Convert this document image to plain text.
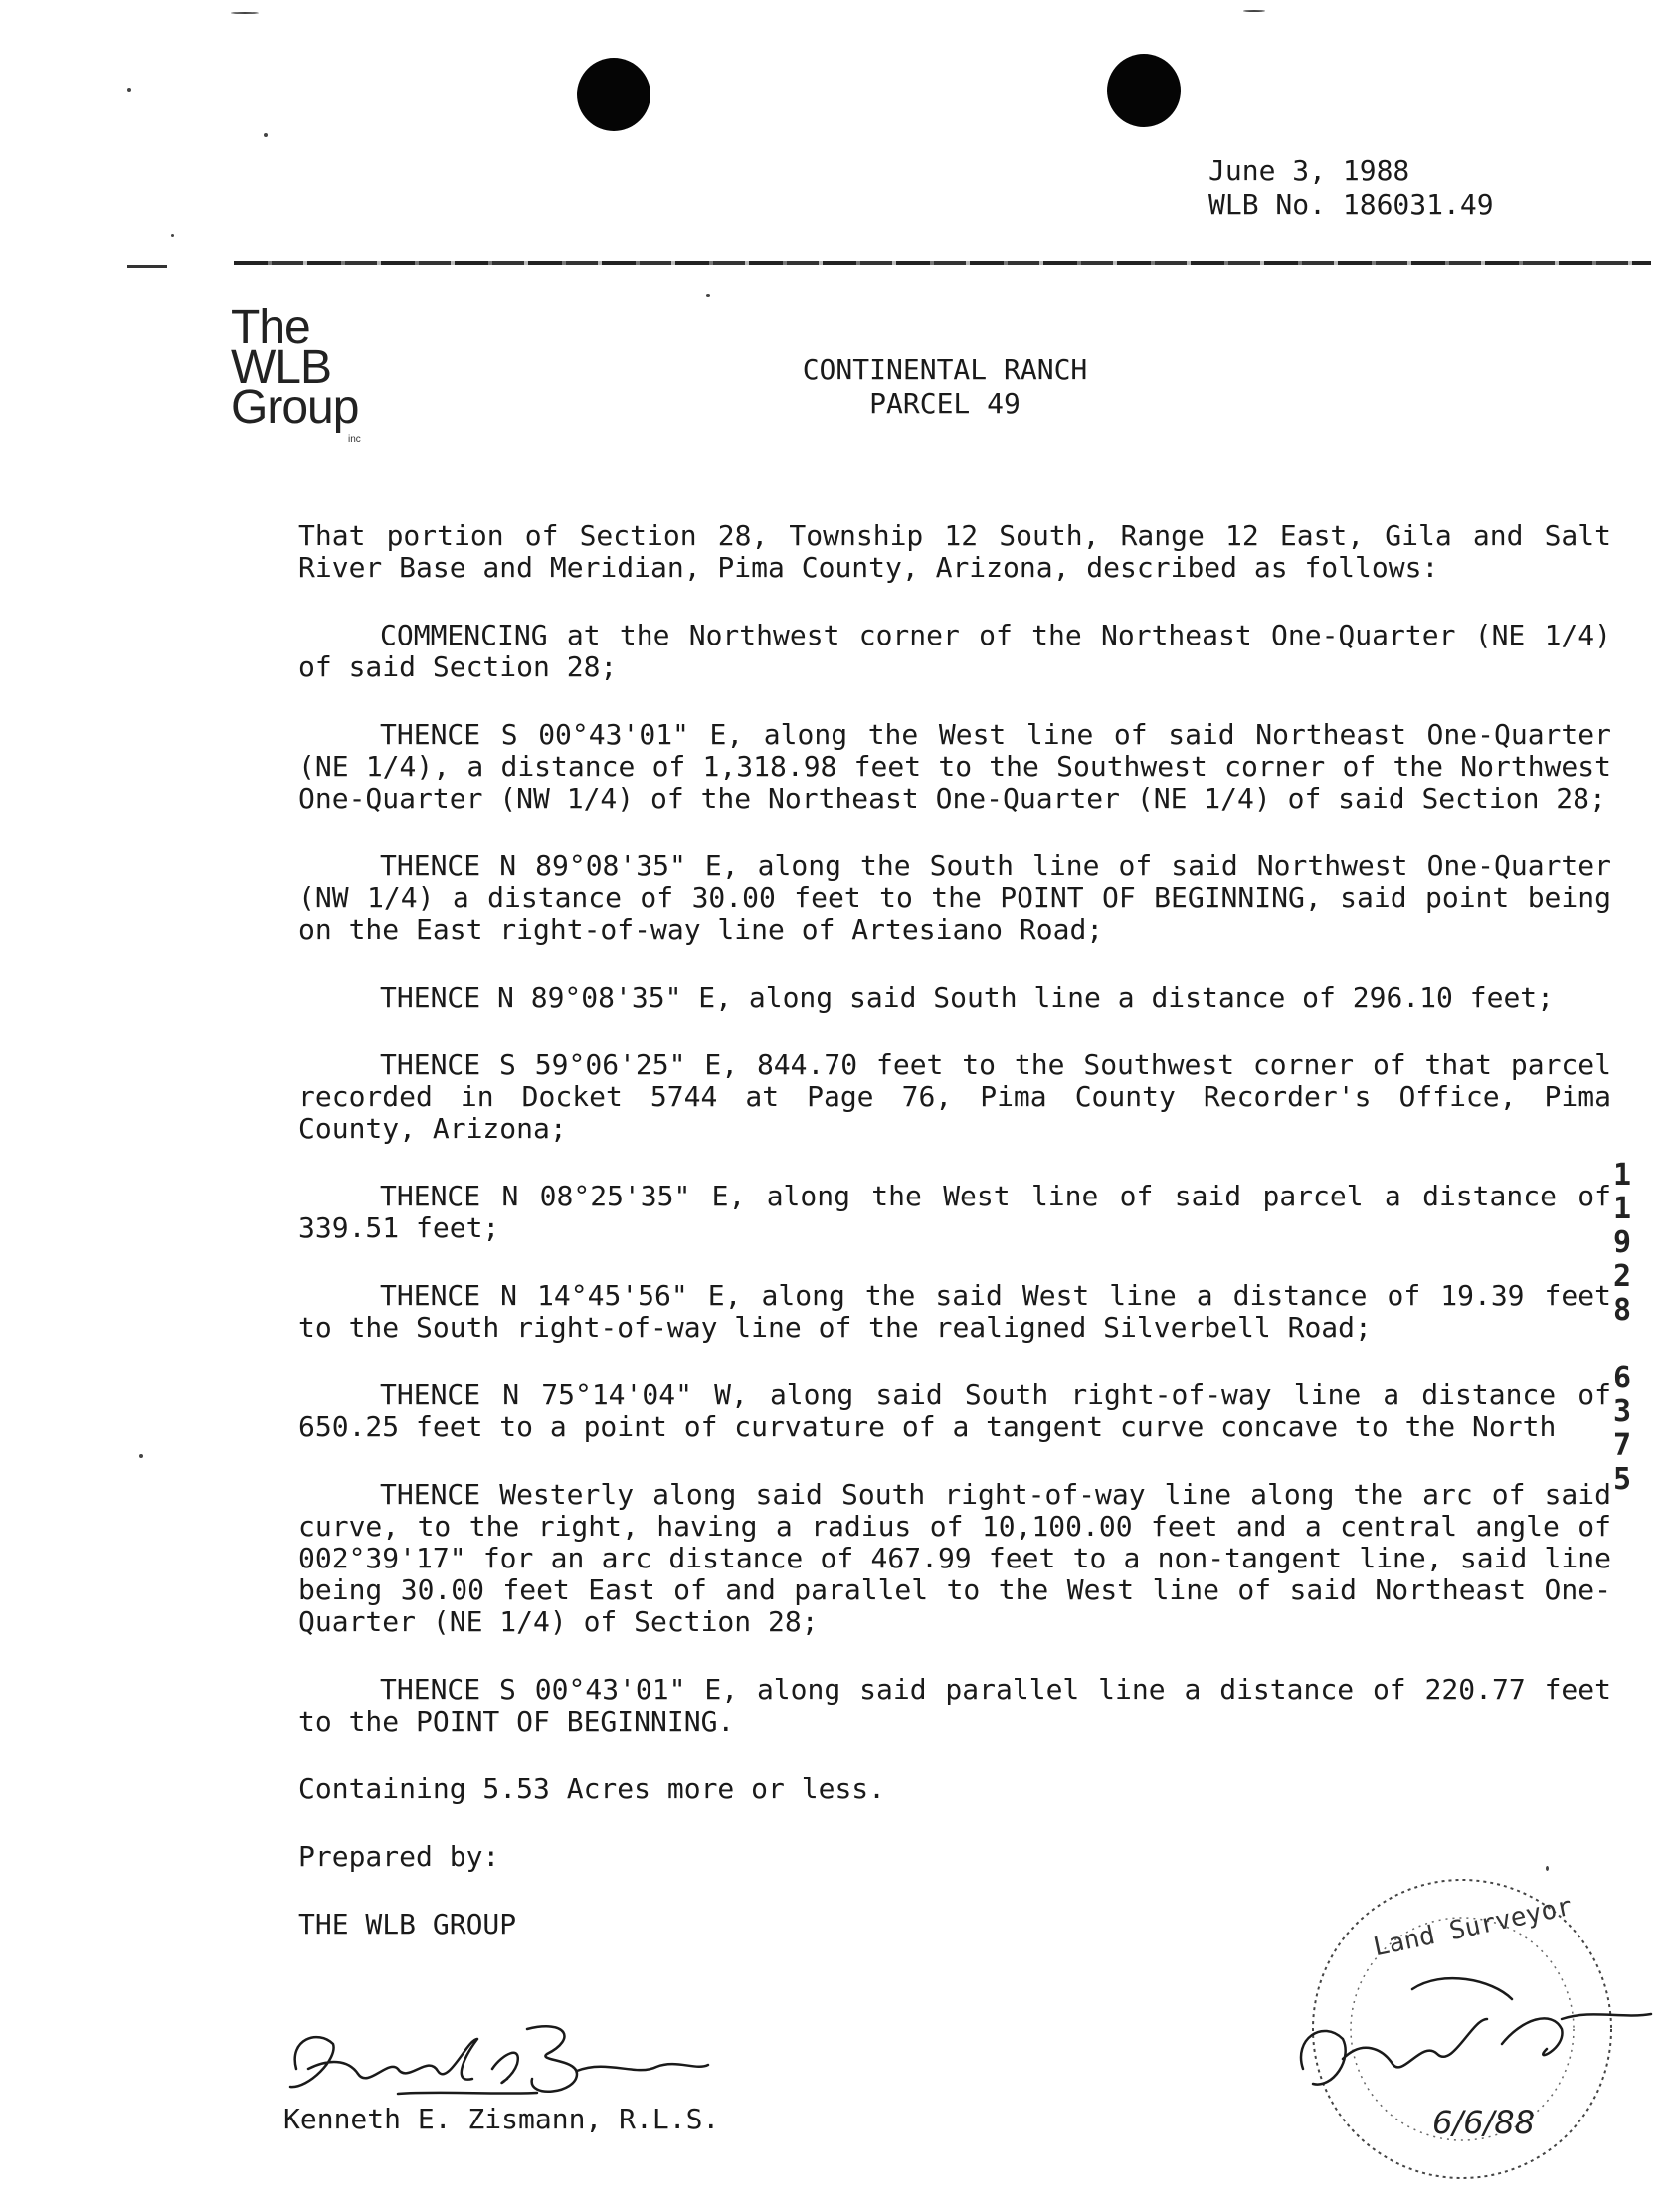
June 3, 1988
WLB No. 186031.49
The
WLB
Group
inc
CONTINENTAL RANCH
PARCEL 49

That portion of Section 28, Township 12 South, Range 12 East, Gila and Salt River Base and Meridian, Pima County, Arizona, described as follows:

COMMENCING at the Northwest corner of the Northeast One-Quarter (NE 1/4) of said Section 28;

THENCE S 00°43'01" E, along the West line of said Northeast One-Quarter (NE 1/4), a distance of 1,318.98 feet to the Southwest corner of the Northwest One-Quarter (NW 1/4) of the Northeast One-Quarter (NE 1/4) of said Section 28;

THENCE N 89°08'35" E, along the South line of said Northwest One-Quarter (NW 1/4) a distance of 30.00 feet to the POINT OF BEGINNING, said point being on the East right-of-way line of Artesiano Road;

THENCE N 89°08'35" E, along said South line a distance of 296.10 feet;

THENCE S 59°06'25" E, 844.70 feet to the Southwest corner of that parcel recorded in Docket 5744 at Page 76, Pima County Recorder's Office, Pima County, Arizona;

THENCE N 08°25'35" E, along the West line of said parcel a distance of 339.51 feet;

THENCE N 14°45'56" E, along the said West line a distance of 19.39 feet to the South right-of-way line of the realigned Silverbell Road;

THENCE N 75°14'04" W, along said South right-of-way line a distance of 650.25 feet to a point of curvature of a tangent curve concave to the North

THENCE Westerly along said South right-of-way line along the arc of said curve, to the right, having a radius of 10,100.00 feet and a central angle of 002°39'17" for an arc distance of 467.99 feet to a non-tangent line, said line being 30.00 feet East of and parallel to the West line of said Northeast One-Quarter (NE 1/4) of Section 28;

THENCE S 00°43'01" E, along said parallel line a distance of 220.77 feet to the POINT OF BEGINNING.

Containing 5.53 Acres more or less.

Prepared by:

THE WLB GROUP

Kenneth E. Zismann, R.L.S.
Land Surveyor
6/6/88
1
1
9
2
8
6
3
7
5
